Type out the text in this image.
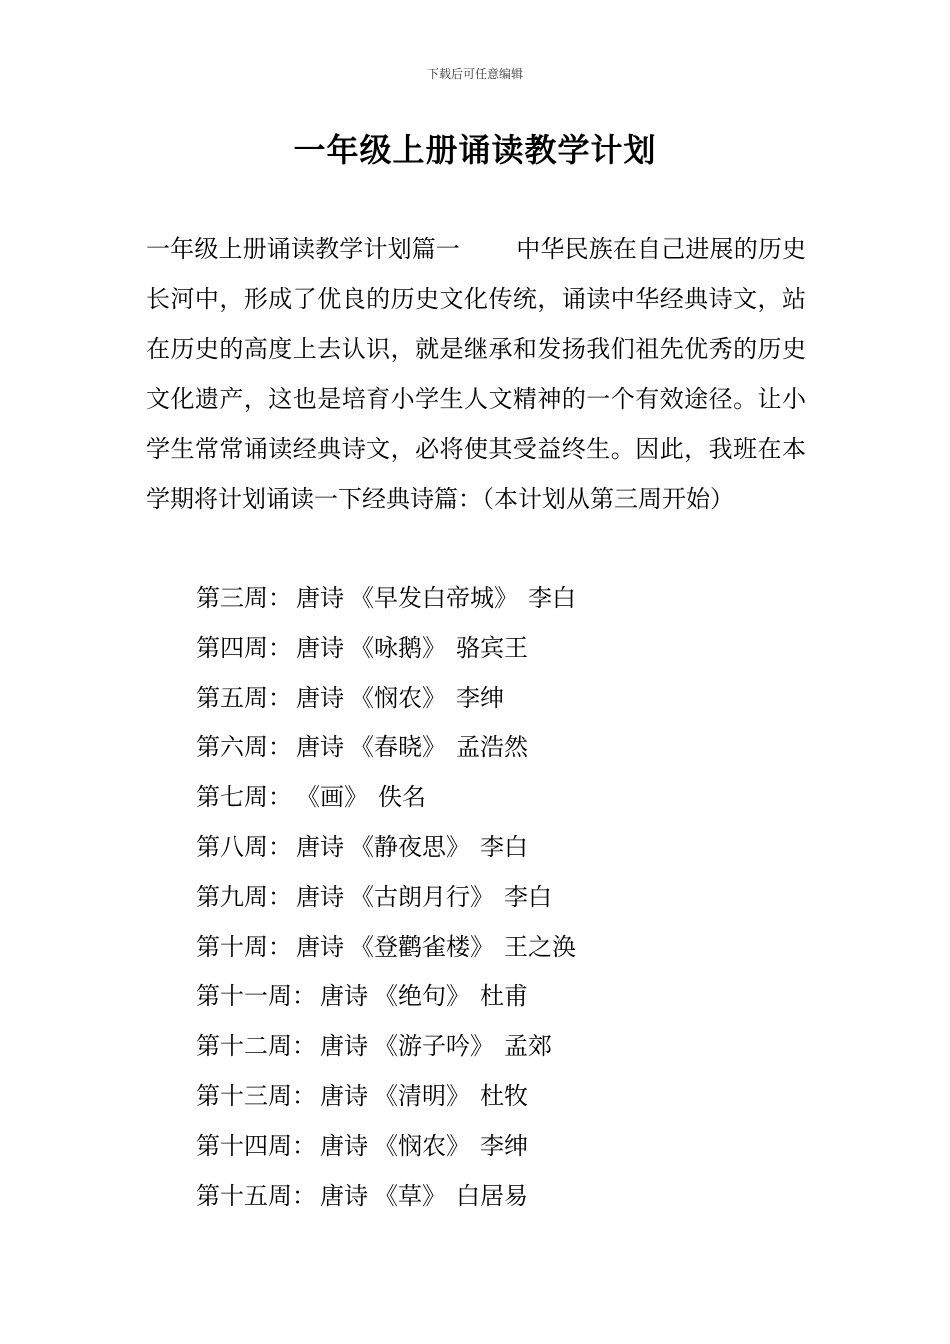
下载后可任意编辑
一年级上册诵读教学计划

一年级上册诵读教学计划篇一 中华民族在自己进展的历史长河中，形成了优良的历史文化传统，诵读中华经典诗文，站在历史的高度上去认识，就是继承和发扬我们祖先优秀的历史文化遗产，这也是培育小学生人文精神的一个有效途径。让小学生常常诵读经典诗文，必将使其受益终生。因此，我班在本学期将计划诵读一下经典诗篇：（本计划从第三周开始）

第三周： 唐诗 《早发白帝城》 李白
第四周： 唐诗 《咏鹅》 骆宾王
第五周： 唐诗 《悯农》 李绅
第六周： 唐诗 《春晓》 孟浩然
第七周： 《画》 佚名
第八周： 唐诗 《静夜思》 李白
第九周： 唐诗 《古朗月行》 李白
第十周： 唐诗 《登鹳雀楼》 王之涣
第十一周： 唐诗 《绝句》 杜甫
第十二周： 唐诗 《游子吟》 孟郊
第十三周： 唐诗 《清明》 杜牧
第十四周： 唐诗 《悯农》 李绅
第十五周： 唐诗 《草》 白居易
